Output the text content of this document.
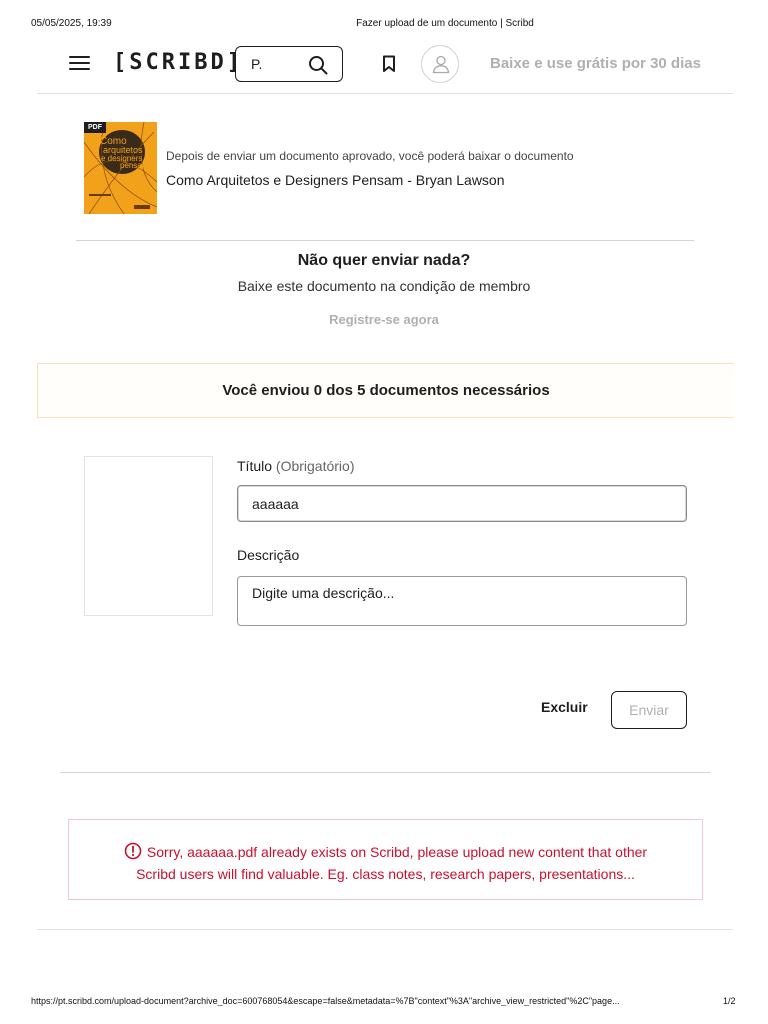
05/05/2025, 19:39	Fazer upload de um documento | Scribd
[SCRIBD] P.	Baixe e use grátis por 30 dias
Como
arquitetos
e designers
pensam
PDF
Depois de enviar um documento aprovado, você poderá baixar o documento
Como Arquitetos e Designers Pensam - Bryan Lawson
Não quer enviar nada?
Baixe este documento na condição de membro
Registre-se agora
Você enviou 0 dos 5 documentos necessários
Título (Obrigatório)
aaaaaa
Descrição
Digite uma descrição...
Excluir	Enviar
Sorry, aaaaaa.pdf already exists on Scribd, please upload new content that other
Scribd users will find valuable. Eg. class notes, research papers, presentations...
https://pt.scribd.com/upload-document?archive_doc=600768054&escape=false&metadata=%7B"context"%3A"archive_view_restricted"%2C"page...	1/2
